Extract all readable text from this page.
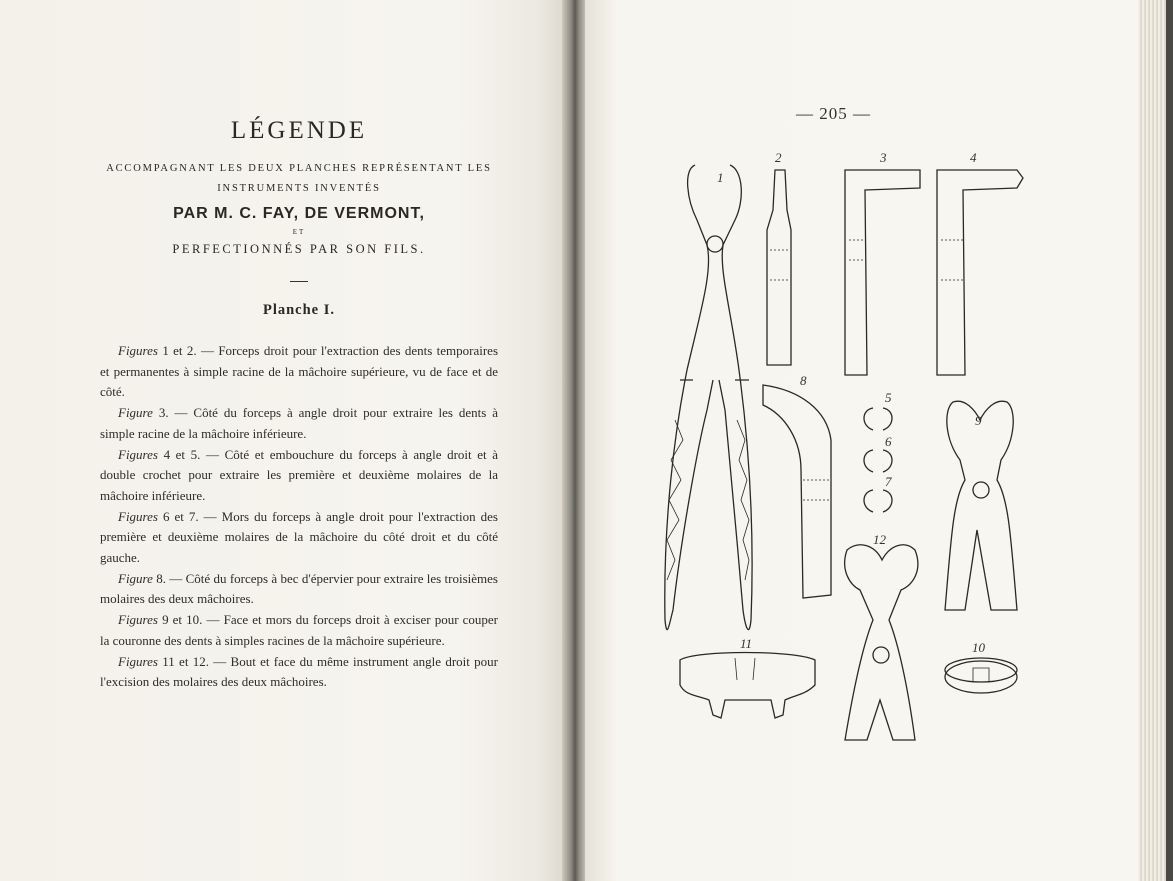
LÉGENDE
ACCOMPAGNANT LES DEUX PLANCHES REPRÉSENTANT LES
INSTRUMENTS INVENTÉS
PAR M. C. FAY, DE VERMONT,
ET
PERFECTIONNÉS PAR SON FILS.
Planche I.

Figures 1 et 2. — Forceps droit pour l'extraction des dents temporaires et permanentes à simple racine de la mâchoire supérieure, vu de face et de côté.

Figure 3. — Côté du forceps à angle droit pour extraire les dents à simple racine de la mâchoire inférieure.

Figures 4 et 5. — Côté et embouchure du forceps à angle droit et à double crochet pour extraire les première et deuxième molaires de la mâchoire inférieure.

Figures 6 et 7. — Mors du forceps à angle droit pour l'extraction des première et deuxième molaires de la mâchoire du côté droit et du côté gauche.

Figure 8. — Côté du forceps à bec d'épervier pour extraire les troisièmes molaires des deux mâchoires.

Figures 9 et 10. — Face et mors du forceps droit à exciser pour couper la couronne des dents à simples racines de la mâchoire supérieure.

Figures 11 et 12. — Bout et face du même instrument angle droit pour l'excision des molaires des deux mâchoires.

— 205 —
1
2	3	4
5
6
7
8
9
10
11
12
